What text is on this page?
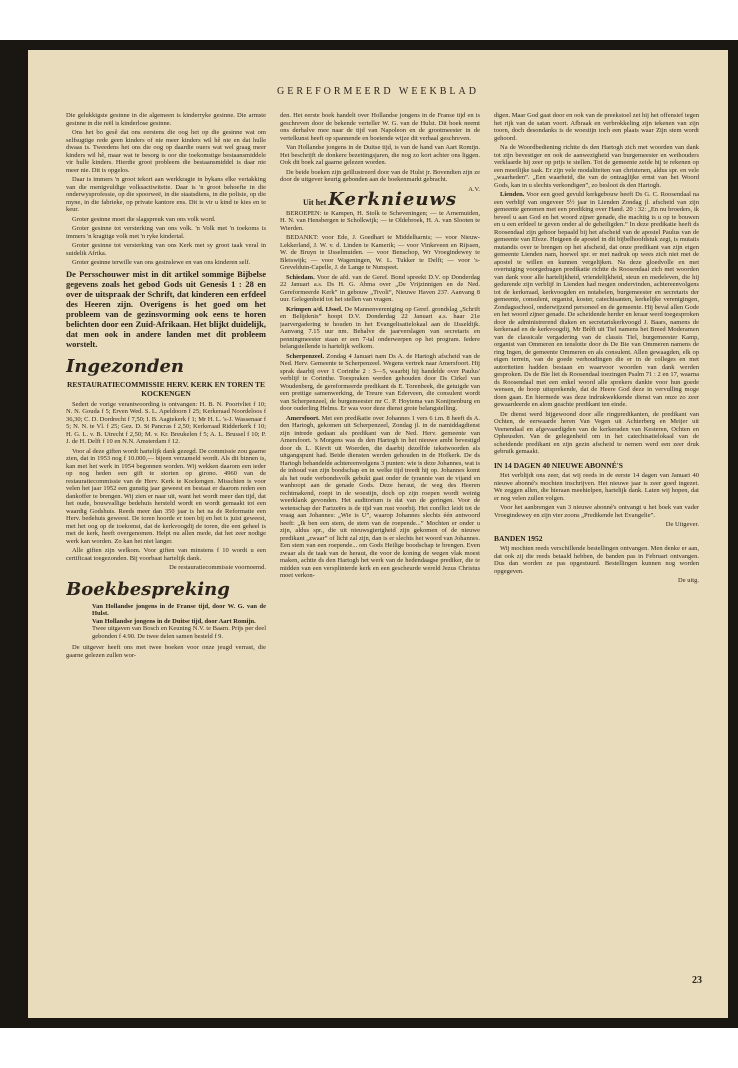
GEREFORMEERD WEEKBLAD

Die gelukkigste gesinne in die algemeen is kinderryke gesinne. Die armste gesinne in die reël is kinderlose gesinne.

Ons het bo gesê dat ons eerstens die oog het op die gesinne wat om selfsugtige rede geen kinders of nie meer kinders wil hê nie en dat hulle dwaas is. Tweedens het ons die oog op daardie ouers wat wel graag meer kinders wil hê, maar wat te besorg is oor die toekomstige bestaansmiddele vir hulle kinders. Hierdie groot probleem die bestaansmiddel is daar nie meer nie. Dit is opgelos.

Daar is immers 'n groot tekort aan werkkragte in bykans elke vertakking van die menigvuldige volksactiwiteite. Daar is 'n groot behoefte in die onderwysprofessie, op die spoorweë, in die staatsdiens, in die polisie, op die myne, in die fabrieke, op private kantore ens. Dit is vir u kind te kies en te keur.

Groter gesinne moet die slagspreuk van ons volk word.

Groter gesinne tot versterking van ons volk. 'n Volk met 'n toekoms is immers 'n kragtige volk met 'n ryke kindertal.

Groter gesinne tot versterking van ons Kerk met sy groot taak veral in suidelik Afrika.

Groter gesinne terwille van ons gesinslewe en van ons kinderen self.

De Persschouwer mist in dit artikel sommige Bijbelse gegevens zoals het gebod Gods uit Genesis 1 : 28 en over de uitspraak der Schrift, dat kinderen een erfdeel des Heeren zijn. Overigens is het goed om het probleem van de gezinsvorming ook eens te horen belichten door een Zuid-Afrikaan. Het blijkt duidelijk, dat men ook in andere landen met dit probleem worstelt.

Ingezonden
RESTAURATIECOMMISSIE HERV. KERK EN TOREN TE KOCKENGEN

Sedert de vorige verantwoording is ontvangen: H. B. N. Poortvliet f 10; N. N. Gouda f 5; Erven Wed. S. L. Apeldoorn f 25; Kerkeraad Noordeloos f 36,30; C. D. Dordrecht f 7,50; I. B. Aagtekerk f 1; Mr H. L. 's-J. Wassenaar f 5; N. N. te Vl. f 25; Gez. D. St Pancras f 2,50; Kerkeraad Ridderkerk f 10; H. G. L. v. B. Utrecht f 2,50; M. v. Kr. Breukelen f 5; A. L. Brussel f 10; P. J. de H. Delft f 10 en N.N. Amsterdam f 12.

Voor al deze giften wordt hartelijk dank gezegd. De commissie zou gaarne zien, dat in 1953 nog f 10.000,— bijeen verzameld wordt. Als dit binnen is, kan met het werk in 1954 begonnen worden. Wij wekken daarom een ieder op nog heden een gift te storten op girono. 4960 van de restauratiecommissie van de Herv. Kerk te Kockengen. Misschien is voor velen het jaar 1952 een gunstig jaar geweest en bestaat er daarom reden een dankoffer te brengen. Wij zien er naar uit, want het wordt meer dan tijd, dat het oude, bouwvallige bedehuis hersteld wordt en wordt gemaakt tot een waardig Godshuis. Reeds meer dan 350 jaar is het na de Reformatie een Herv. bedehuis geweest. De toren hoorde er toen bij en het is juist geweest, met het oog op de toekomst, dat de kerkvoogdij de toren, die een geheel is met de kerk, heeft overgenomen. Helpt nu allen mede, dat het zeer nodige werk kan worden. Zo kan het niet langer.

Alle giften zijn welkom. Voor giften van minstens f 10 wordt u een certificaat toegezonden. Bij voorbaat hartelijk dank.

De restauratiecommissie voornoemd.

Boekbespreking
Van Hollandse jongens in de Franse tijd, door W. G. van de Hulst.
Van Hollandse jongens in de Duitse tijd, door Aart Romijn.
Twee uitgaven van Bosch en Keuning N.V. te Baarn. Prijs per deel gebonden f 4.90. De twee delen samen besteld f 9.

De uitgever heeft ons met twee boeken voor onze jeugd verrast, die gaarne gelezen zullen wor-

den. Het eerste boek handelt over Hollandse jongens in de Franse tijd en is geschreven door de bekende verteller W. G. van de Hulst. Dit boek neemt ons derhalve mee naar de tijd van Napoleon en de grootmeester in de vertelkunst heeft op spannende en boeiende wijze dit verhaal geschreven.

Van Hollandse jongens in de Duitse tijd, is van de hand van Aart Romijn. Het beschrijft de donkere bezettingsjaren, die nog zo kort achter ons liggen. Ook dit boek zal gaarne gelezen worden.

De beide boeken zijn geïllustreerd door van de Hulst jr. Bovendien zijn ze door de uitgever keurig gebonden aan de boekenmarkt gebracht.

A.V.

Uit het Kerknieuws

BEROEPEN: te Kampen, H. Stolk te Scheveningen; — te Arnemuiden, H. N. van Hensbergen te Scholkwijk; — te Oldebroek, H. A. van Slooten te Wierden.

BEDANKT: voor Ede, J. Goedhart te Middelharnis; — voor Nieuw-Lekkerland, J. W. v. d. Linden te Kamerik; — voor Vinkeveen en Rijssen, W. de Bruyn te IJsselmuiden. — voor Benschop, Wr Vroegindewey te Bleiswijk; — voor Wageningen, W. L. Tukker te Delft; — voor 's-Grevelduin-Capelle, J. de Lange te Nunspeet.

Schiedam. Voor de afd. van de Geref. Bond spreekt D.V. op Donderdag 22 Januari a.s. Ds H. G. Abma over „De Vrijzinnigen en de Ned. Gereformeerde Kerk” in gebouw „Tivoli”, Nieuwe Haven 237. Aanvang 8 uur. Gelegenheid tot het stellen van vragen.

Krimpen a/d. IJssel. De Mannenvereniging op Geref. grondslag „Schrift en Belijdenis” hoopt D.V. Donderdag 22 Januari a.s. haar 21e jaarvergadering te houden in het Evangelisatielokaal aan de IJsseldijk. Aanvang 7.15 uur nm. Behalve de jaarverslagen van secretaris en penningmeester staan er een 7-tal onderwerpen op het program. Iedere belangstellende is hartelijk welkom.

Scherpenzeel. Zondag 4 Januari nam Ds A. de Hartogh afscheid van de Ned. Herv. Gemeente te Scherpenzeel. Wegens vertrek naar Amersfoort. Hij sprak daarbij over 1 Corinthe 2 : 3—5, waarbij hij handelde over Paulus' verblijf te Corinthe. Toespraken werden gehouden door Ds Cirkel van Woudenberg, de gereformeerde predikant ds E. Torenbeek, die getuigde van een prettige samenwerking, de Treure van Ederveen, die consulent wordt van Scherpenzeel, de burgemeester mr C. P. Hoytema van Konijnenburg en door ouderling Helms. Er was voor deze dienst grote belangstelling.

Amersfoort. Met een predikatie over Johannes 1 vers 6 t.m. 8 heeft ds A. den Hartogh, gekomen uit Scherpenzeel, Zondag jl. in de namiddagdienst zijn intrede gedaan als predikant van de Ned. Herv. gemeente van Amersfoort. 's Morgens was ds den Hartogh in het nieuwe ambt bevestigd door ds L. Kievit uit Woerden, die daarbij dezelfde tekstwoorden als uitgangspunt had. Beide diensten werden gehouden in de Hofkerk. De ds Hartogh behandelde achtereenvolgens 3 punten: wie is deze Johannes, wat is de inhoud van zijn boodschap en in welke tijd treedt hij op. Johannes komt als het oude verbondsvolk gebukt gaat onder de tyrannie van de vijand en wanhoopt aan de genade Gods. Deze heraut, de weg des Heeren rechtmakend, roept in de woestijn, doch op zijn roepen wordt weinig weerklank gevonden. Het auditorium is dat van de geringen. Voor de wetenschap der Farizeërs is de tijd van rust voorbij. Het conflict leidt tot de vraag aan Johannes: „Wie is U”, waarop Johannes slechts één antwoord heeft: „Ik ben een stem, de stem van de roepende...” Mochten er onder u zijn, aldus spr., die uit nieuwsgierigheid zijn gekomen of de nieuwe predikant „zwaar” of licht zal zijn, dan is er slechts het woord van Johannes. Een stem van een roepende... om Gods Heilige boodschap te brengen. Even zwaar als de taak van de heraut, die voor de koning de wegen vlak moest maken, achtte ds den Hartogh het werk van de hedendaagse prediker, die te midden van een versplinterde kerk en een gescheurde wereld Jezus Christus moet verkon-

digen. Maar God gaat door en ook van de preekstoel zet hij het offensief tegen het rijk van de satan voort. Afbraak en verbrokkeling zijn tekenen van zijn toorn, doch desondanks is de woestijn toch een plaats waar Zijn stem wordt gehoord.

Na de Woordbediening richtte ds den Hartogh zich met woorden van dank tot zijn bevestiger en ook de aanwezigheid van burgemeester en wethouders verklaarde hij zeer op prijs te stellen. Tot de gemeente zeide hij te rekenen op een moeilijke taak. Er zijn vele modaliteiten van christenen, aldus spr. en vele „waarheden”. „Een waarheid, die van de ontzaglijke ernst van het Woord Gods, kan in u slechts verkondigen”, zo besloot ds den Hartogh.

Lienden. Voor een goed gevuld kerkgebouw heeft Ds G. C. Roosendaal na een verblijf van ongeveer 5½ jaar in Lienden Zondag jl. afscheid van zijn gemeente genomen met een prediking over Hand. 20 : 32: „En nu broeders, ik beveel u aan God en het woord zijner genade, die machtig is u op te bouwen en u een erfdeel te geven onder al de geheiligden.” In deze predikatie heeft ds Roosendaal zijn gehoor bepaald bij het afscheid van de apostel Paulus van de gemeente van Efeze. Hetgeen de apostel in dit bijbelhoofdstuk zegt, is mutatis mutandis over te brengen op het afscheid, dat onze predikant van zijn eigen gemeente Lienden nam, hoewel spr. er met nadruk op wees zich niet met de apostel te willen en kunnen vergelijken. Na deze gloedvolle en met overtuiging voorgedragen predikatie richtte ds Roosendaal zich met woorden van dank voor alle hartelijkheid, vriendelijkheid, steun en medeleven, die hij gedurende zijn verblijf in Lienden had mogen ondervinden, achtereenvolgens tot de kerkeraad, kerkvoogden en notabelen, burgemeester en secretaris der gemeente, consulent, organist, koster, catechisanten, kerkelijke verenigingen, Zondagsschool, onderwijzend personeel en de gemeente. Hij beval allen Gode en het woord zijner genade. De scheidende herder en leraar werd toegesproken door de administrerend diaken en secretariskerkvoogd J. Baars, namens de kerkeraad en de kerkvoogdij, Mr Brêft uit Tiel namens het Breed Moderamen van de classicale vergadering van de classis Tiel, burgemeester Kamp, organist van Ommeren en tenslotte door ds De Bie van Ommeren namens de ring Ingen, de gemeente Ommeren en als consulent. Allen gewaagden, elk op eigen terrein, van de goede verhoudingen die er in de colleges en met autoriteiten hadden bestaan en waarvoor woorden van dank werden gesproken. Ds de Bie liet ds Roosendaal toezingen Psalm 71 : 2 en 17, waarna ds Roosendaal met een enkel woord alle sprekers dankte voor hun goede wensen, de hoop uitsprekende, dat de Heere God deze in vervulling moge doen gaan. En hiermede was deze indrukwekkende dienst van onze zo zeer gewaardeerde en alom geachte predikant ten einde.

De dienst werd bijgewoond door alle ringpredikanten, de predikant van Ochten, de eerwaarde heren Van Vegen uit Achterberg en Meijer uit Veenendaal en afgevaardigden van de kerkeraden van Kesteren, Ochten en Opheusden. Van de gelegenheid om in het catechisatielokaal van de scheidende predikant en zijn gezin afscheid te nemen werd een zeer druk gebruik gemaakt.

IN 14 DAGEN 40 NIEUWE ABONNÉ'S

Het verblijdt ons zeer, dat wij reeds in de eerste 14 dagen van Januari 40 nieuwe abonné's mochten inschrijven. Het nieuwe jaar is zeer goed ingezet. We zeggen allen, die hieraan meehielpen, hartelijk dank. Laten wij hopen, dat er nog velen zullen volgen.

Voor het aanbrengen van 3 nieuwe abonné's ontvangt u het boek van vader Vroegindewey en zijn vier zoons „Predikende het Evangelie”.

De Uitgever.

BANDEN 1952

Wij mochten reeds verschillende bestellingen ontvangen. Men denke er aan, dat ook zij die reeds betaald hebben, de banden pas in Februari ontvangen. Dus dan worden ze pas opgestuurd. Bestellingen kunnen nog worden opgegeven.

De uitg.

23
